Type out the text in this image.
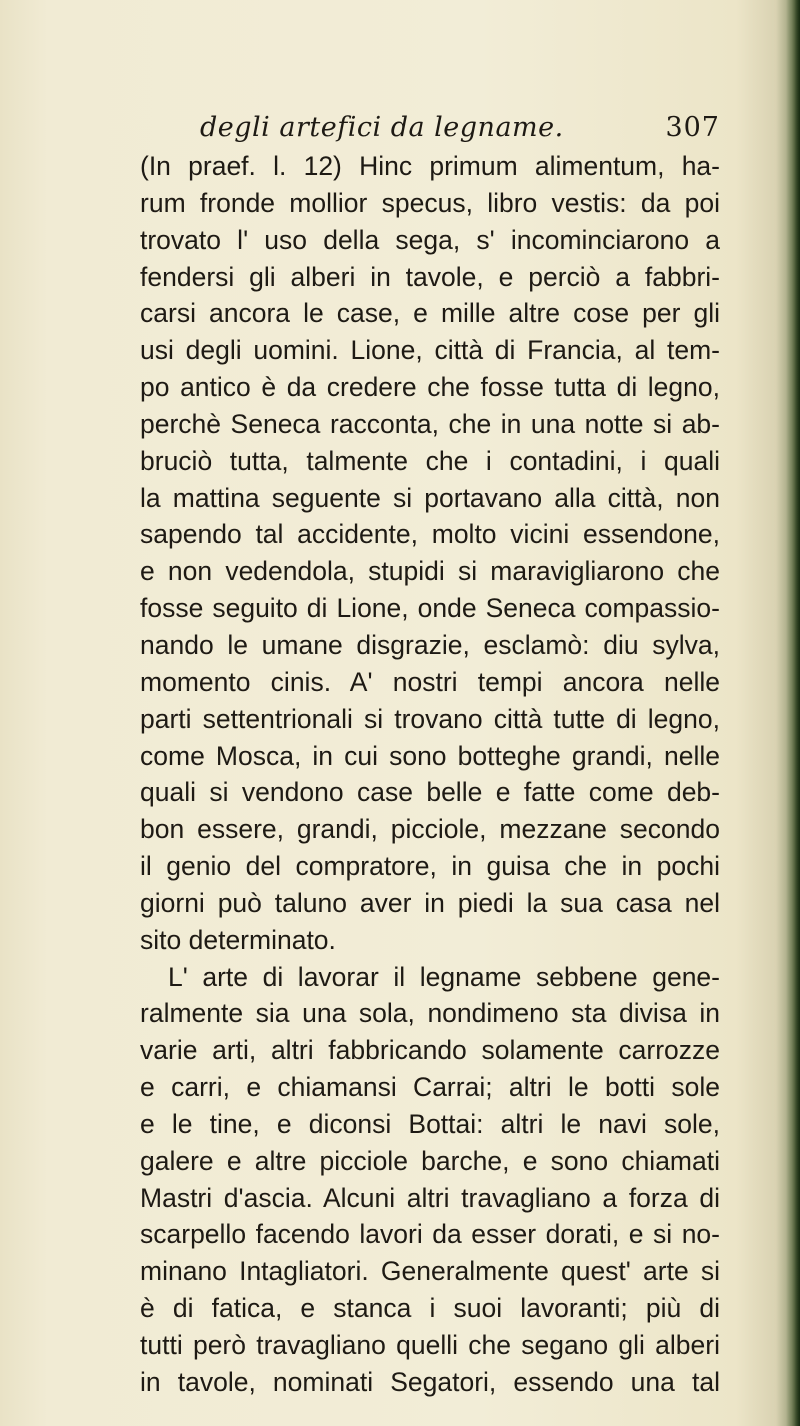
degli artefici da legname.	307
(In praef. l. 12) Hinc primum alimentum, ha-
rum fronde mollior specus, libro vestis: da poi
trovato l' uso della sega, s' incominciarono a
fendersi gli alberi in tavole, e perciò a fabbri-
carsi ancora le case, e mille altre cose per gli
usi degli uomini. Lione, città di Francia, al tem-
po antico è da credere che fosse tutta di legno,
perchè Seneca racconta, che in una notte si ab-
bruciò tutta, talmente che i contadini, i quali
la mattina seguente si portavano alla città, non
sapendo tal accidente, molto vicini essendone,
e non vedendola, stupidi si maravigliarono che
fosse seguito di Lione, onde Seneca compassio-
nando le umane disgrazie, esclamò: diu sylva,
momento cinis. A' nostri tempi ancora nelle
parti settentrionali si trovano città tutte di legno,
come Mosca, in cui sono botteghe grandi, nelle
quali si vendono case belle e fatte come deb-
bon essere, grandi, picciole, mezzane secondo
il genio del compratore, in guisa che in pochi
giorni può taluno aver in piedi la sua casa nel
sito determinato.
L' arte di lavorar il legname sebbene gene-
ralmente sia una sola, nondimeno sta divisa in
varie arti, altri fabbricando solamente carrozze
e carri, e chiamansi Carrai; altri le botti sole
e le tine, e diconsi Bottai: altri le navi sole,
galere e altre picciole barche, e sono chiamati
Mastri d'ascia. Alcuni altri travagliano a forza di
scarpello facendo lavori da esser dorati, e si no-
minano Intagliatori. Generalmente quest' arte si
è di fatica, e stanca i suoi lavoranti; più di
tutti però travagliano quelli che segano gli alberi
in tavole, nominati Segatori, essendo una tal
